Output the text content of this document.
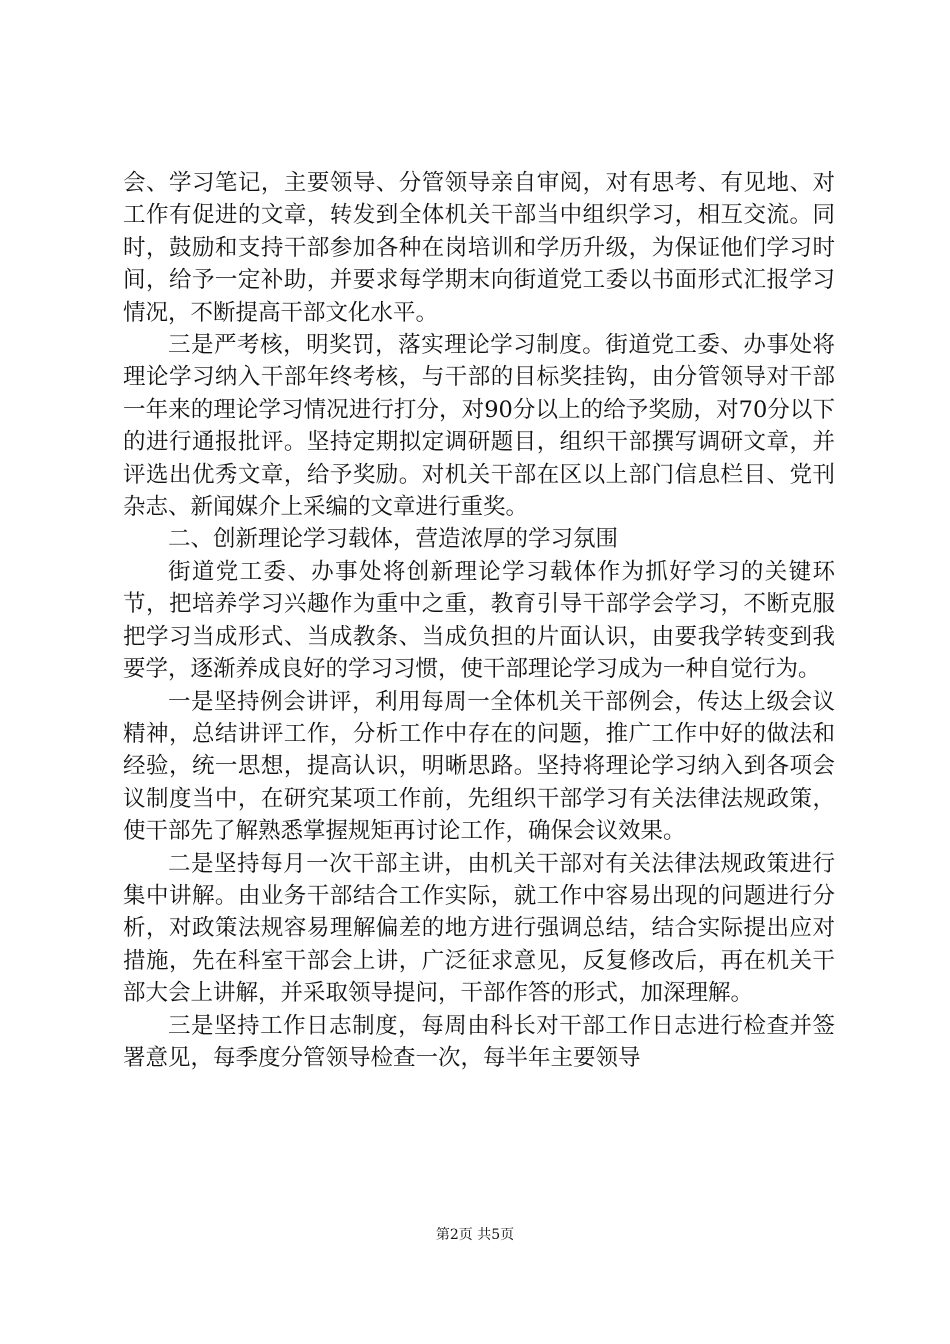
会、学习笔记，主要领导、分管领导亲自审阅，对有思考、有见地、对工作有促进的文章，转发到全体机关干部当中组织学习，相互交流。同时，鼓励和支持干部参加各种在岗培训和学历升级，为保证他们学习时间，给予一定补助，并要求每学期末向街道党工委以书面形式汇报学习情况，不断提高干部文化水平。

三是严考核，明奖罚，落实理论学习制度。街道党工委、办事处将理论学习纳入干部年终考核，与干部的目标奖挂钩，由分管领导对干部一年来的理论学习情况进行打分，对90分以上的给予奖励，对70分以下的进行通报批评。坚持定期拟定调研题目，组织干部撰写调研文章，并评选出优秀文章，给予奖励。对机关干部在区以上部门信息栏目、党刊杂志、新闻媒介上采编的文章进行重奖。

二、创新理论学习载体，营造浓厚的学习氛围

街道党工委、办事处将创新理论学习载体作为抓好学习的关键环节，把培养学习兴趣作为重中之重，教育引导干部学会学习，不断克服把学习当成形式、当成教条、当成负担的片面认识，由要我学转变到我要学，逐渐养成良好的学习习惯，使干部理论学习成为一种自觉行为。

一是坚持例会讲评，利用每周一全体机关干部例会，传达上级会议精神，总结讲评工作，分析工作中存在的问题，推广工作中好的做法和经验，统一思想，提高认识，明晰思路。坚持将理论学习纳入到各项会议制度当中，在研究某项工作前，先组织干部学习有关法律法规政策，使干部先了解熟悉掌握规矩再讨论工作，确保会议效果。

二是坚持每月一次干部主讲，由机关干部对有关法律法规政策进行集中讲解。由业务干部结合工作实际，就工作中容易出现的问题进行分析，对政策法规容易理解偏差的地方进行强调总结，结合实际提出应对措施，先在科室干部会上讲，广泛征求意见，反复修改后，再在机关干部大会上讲解，并采取领导提问，干部作答的形式，加深理解。

三是坚持工作日志制度，每周由科长对干部工作日志进行检查并签署意见，每季度分管领导检查一次，每半年主要领导

第2页 共5页
